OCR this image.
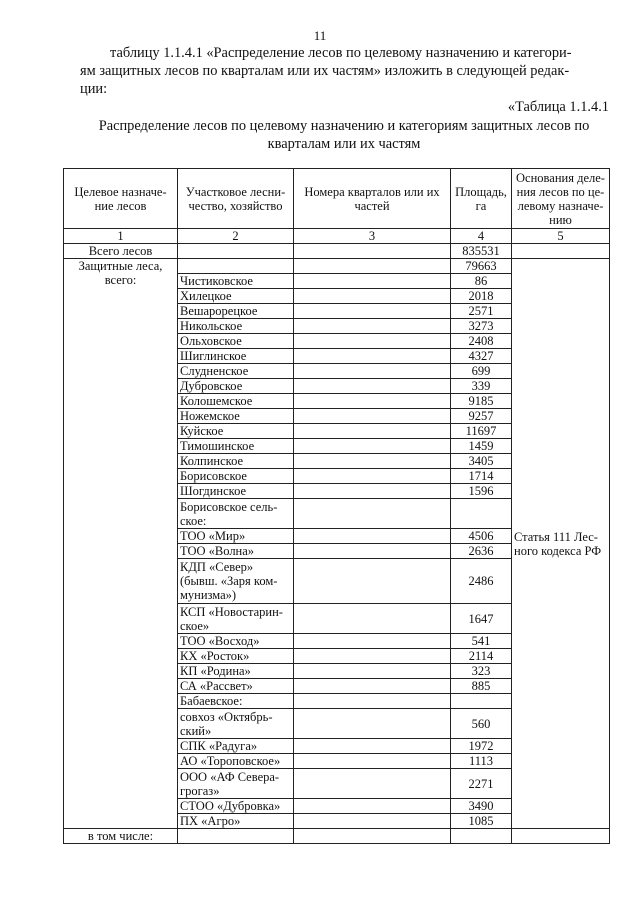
11
таблицу 1.1.4.1 «Распределение лесов по целевому назначению и категори-
ям защитных лесов по кварталам или их частям» изложить в следующей редак-
ции:
«Таблица 1.1.4.1
Распределение лесов по целевому назначению и категориям защитных лесов по
кварталам или их частям
Целевое назначе-ние лесов	Участковое лесни-чество, хозяйство	Номера кварталов или их частей	Площадь, га	Основания деле-ния лесов по це-левому назначе-нию
1	2	3	4	5
Всего лесов			835531	
Защитные леса, всего:			79663	Статья 111 Лес-ного кодекса РФ
	Чистиковское		86	
	Хилецкое		2018	
	Вешарорецкое		2571	
	Никольское		3273	
	Ольховское		2408	
	Шиглинское		4327	
	Слудненское		699	
	Дубровское		339	
	Колошемское		9185	
	Ножемское		9257	
	Куйское		11697	
	Тимошинское		1459	
	Колпинское		3405	
	Борисовское		1714	
	Шогдинское		1596	
	Борисовское сель-ское:			
	ТОО «Мир»		4506	
	ТОО «Волна»		2636	
	КДП «Север» (бывш. «Заря ком-мунизма»)		2486	
	КСП «Новостарин-ское»		1647	
	ТОО «Восход»		541	
	КХ «Росток»		2114	
	КП «Родина»		323	
	СА «Рассвет»		885	
	Бабаевское:			
	совхоз «Октябрь-ский»		560	
	СПК «Радуга»		1972	
	АО «Тороповское»		1113	
	ООО «АФ Севера-грогаз»		2271	
	СТОО «Дубровка»		3490	
	ПХ «Агро»		1085	
в том числе:				
